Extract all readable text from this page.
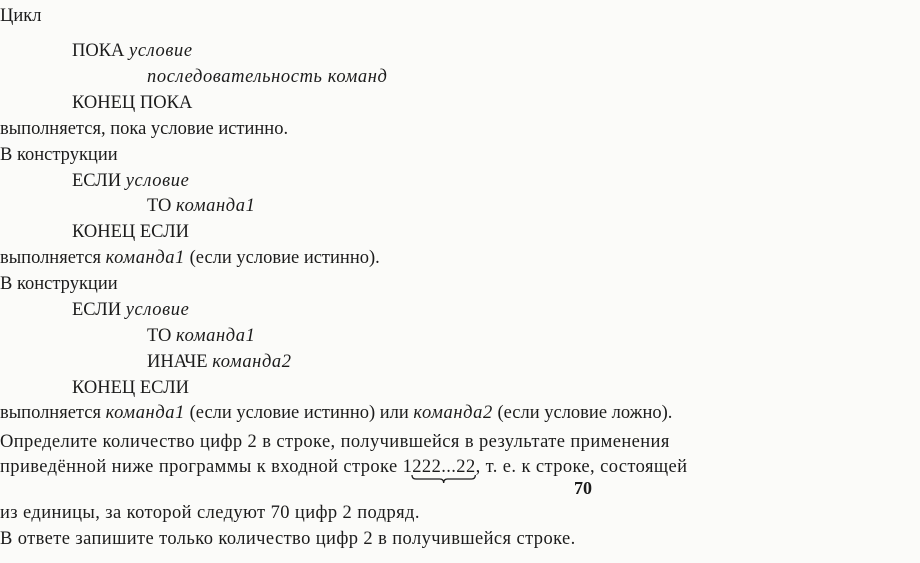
Цикл
ПОКА условие
последовательность команд
КОНЕЦ ПОКА
выполняется, пока условие истинно.
В конструкции
ЕСЛИ условие
ТО команда1
КОНЕЦ ЕСЛИ
выполняется команда1 (если условие истинно).
В конструкции
ЕСЛИ условие
ТО команда1
ИНАЧЕ команда2
КОНЕЦ ЕСЛИ
выполняется команда1 (если условие истинно) или команда2 (если условие ложно).
Определите количество цифр 2 в строке, получившейся в результате применения
приведённой ниже программы к входной строке 1222...22
, т. е. к строке, состоящей
70
из единицы, за которой следуют 70 цифр 2 подряд.
В ответе запишите только количество цифр 2 в получившейся строке.
